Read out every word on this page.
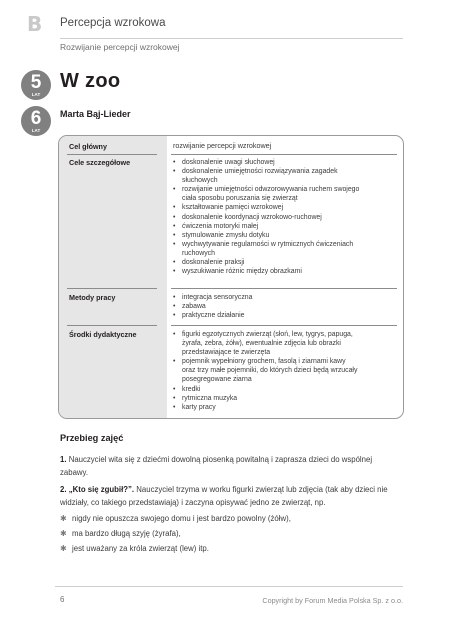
B Percepcja wzrokowa
Rozwijanie percepcji wzrokowej
5
LAT
6
LAT
W zoo
Marta Bąj-Lieder
Cel główny
Cele szczegółowe
Metody pracy
Środki dydaktyczne
rozwijanie percepcji wzrokowej
• doskonalenie uwagi słuchowej
• doskonalenie umiejętności rozwiązywania zagadek
słuchowych
• rozwijanie umiejętności odwzorowywania ruchem swojego
ciała sposobu poruszania się zwierząt
• kształtowanie pamięci wzrokowej
• doskonalenie koordynacji wzrokowo-ruchowej
• ćwiczenia motoryki małej
• stymulowanie zmysłu dotyku
• wychwytywanie regularności w rytmicznych ćwiczeniach
ruchowych
• doskonalenie praksji
• wyszukiwanie różnic między obrazkami
• integracja sensoryczna
• zabawa
• praktyczne działanie
• figurki egzotycznych zwierząt (słoń, lew, tygrys, papuga,
żyrafa, zebra, żółw), ewentualnie zdjęcia lub obrazki
przedstawiające te zwierzęta
• pojemnik wypełniony grochem, fasolą i ziarnami kawy
oraz trzy małe pojemniki, do których dzieci będą wrzucały
posegregowane ziarna
• kredki
• rytmiczna muzyka
• karty pracy
Przebieg zajęć
1. Nauczyciel wita się z dziećmi dowolną piosenką powitalną i zaprasza dzieci do wspólnej
zabawy.
2. „Kto się zgubił?”. Nauczyciel trzyma w worku figurki zwierząt lub zdjęcia (tak aby dzieci nie
widziały, co takiego przedstawiają) i zaczyna opisywać jedno ze zwierząt, np.
✱ nigdy nie opuszcza swojego domu i jest bardzo powolny (żółw),
✱ ma bardzo długą szyję (żyrafa),
✱ jest uważany za króla zwierząt (lew) itp.
6	Copyright by Forum Media Polska Sp. z o.o.
